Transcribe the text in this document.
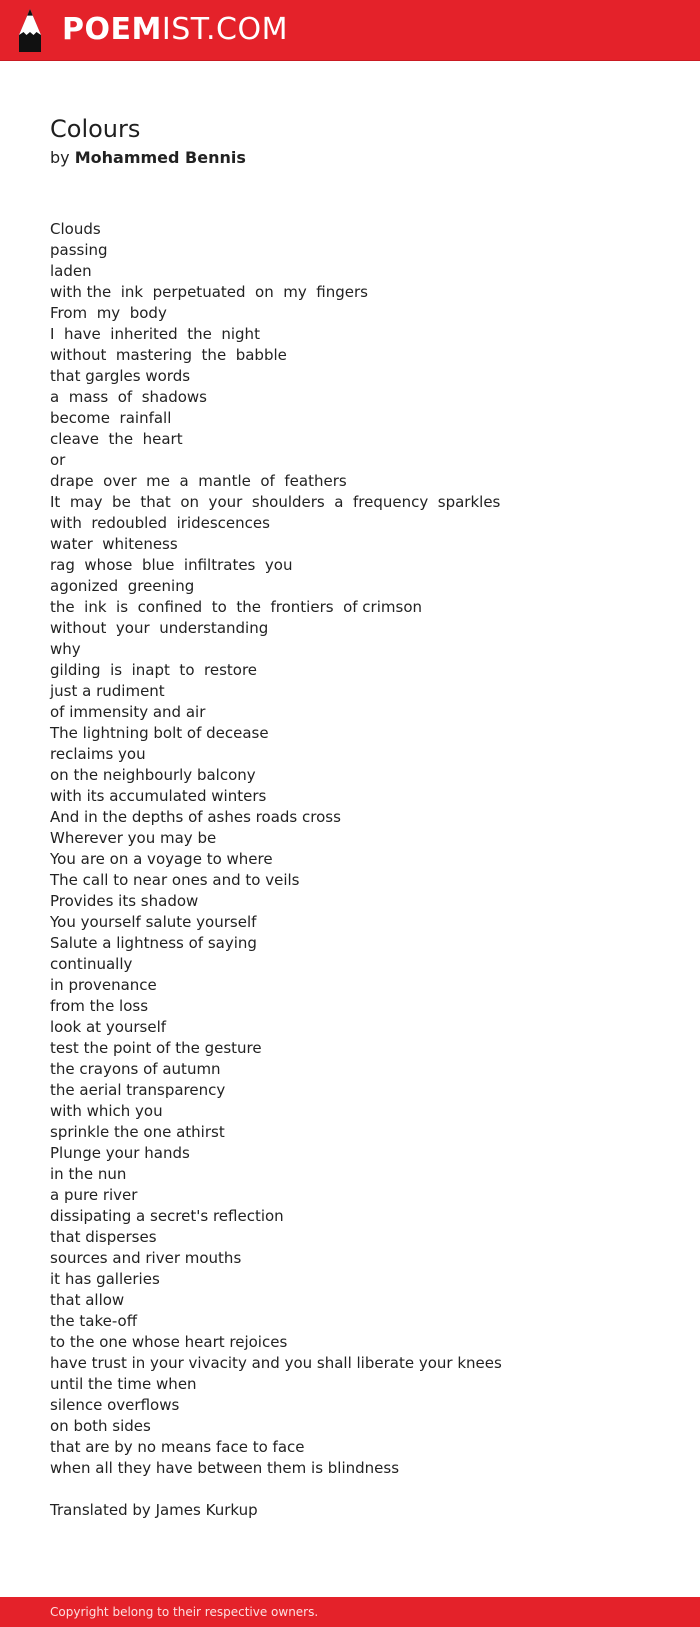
POEMIST.COM
Colours
by Mohammed Bennis
Clouds
passing
laden
with the  ink  perpetuated  on  my  fingers
From  my  body
I  have  inherited  the  night
without  mastering  the  babble
that gargles words
a  mass  of  shadows
become  rainfall
cleave  the  heart
or
drape  over  me  a  mantle  of  feathers
It  may  be  that  on  your  shoulders  a  frequency  sparkles
with  redoubled  iridescences
water  whiteness
rag  whose  blue  infiltrates  you
agonized  greening
the  ink  is  confined  to  the  frontiers  of crimson
without  your  understanding
why
gilding  is  inapt  to  restore
just a rudiment
of immensity and air
The lightning bolt of decease
reclaims you
on the neighbourly balcony
with its accumulated winters
And in the depths of ashes roads cross
Wherever you may be
You are on a voyage to where
The call to near ones and to veils
Provides its shadow
You yourself salute yourself
Salute a lightness of saying
continually
in provenance
from the loss
look at yourself
test the point of the gesture
the crayons of autumn
the aerial transparency
with which you
sprinkle the one athirst
Plunge your hands
in the nun
a pure river
dissipating a secret's reflection
that disperses
sources and river mouths
it has galleries
that allow
the take-off
to the one whose heart rejoices
have trust in your vivacity and you shall liberate your knees
until the time when
silence overflows
on both sides
that are by no means face to face
when all they have between them is blindness
Translated by James Kurkup
Copyright belong to their respective owners.
